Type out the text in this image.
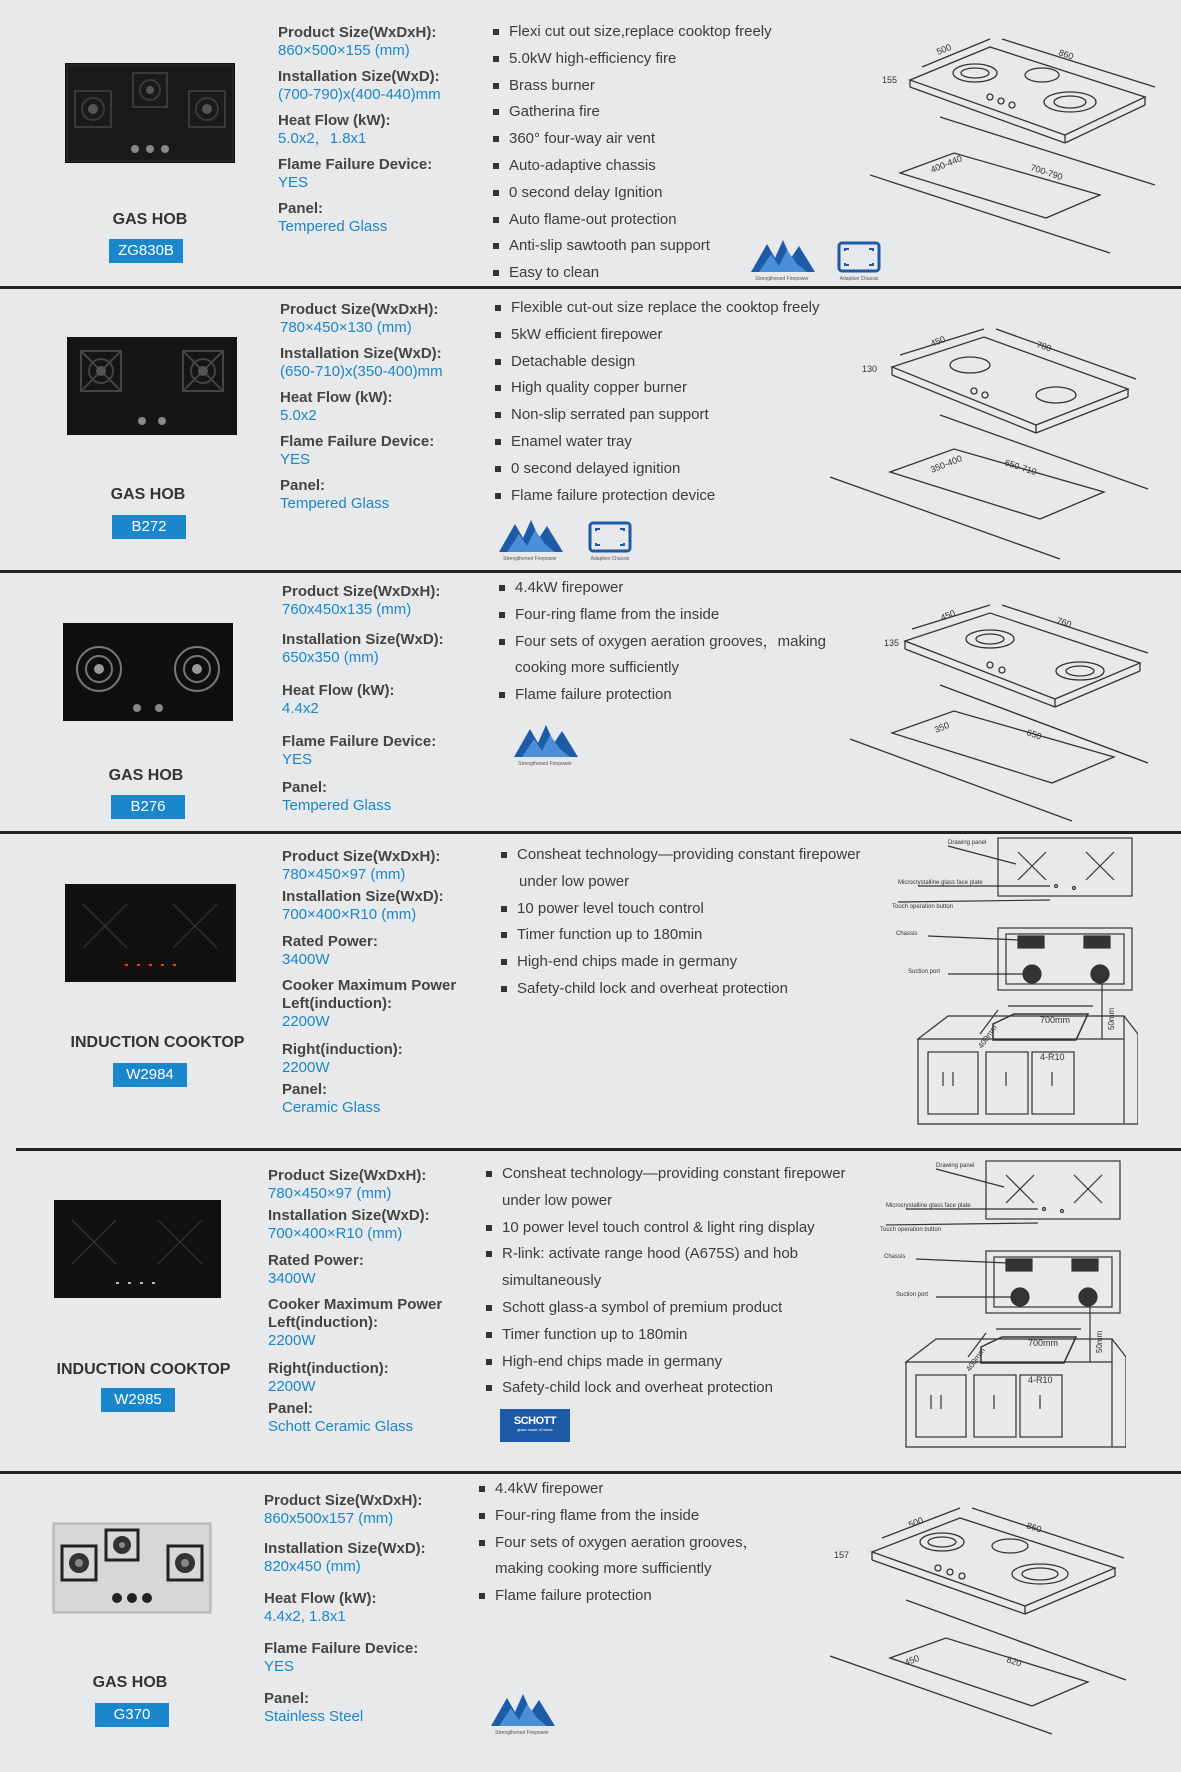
GAS HOB
ZG830B
Product Size(WxDxH):
860×500×155 (mm)
Installation Size(WxD):
(700-790)x(400-440)mm
Heat Flow (kW):
5.0x2，1.8x1
Flame Failure Device:
YES
Panel:
Tempered Glass
Flexi cut out size,replace cooktop freely
5.0kW high-efficiency fire
Brass burner
Gatherina fire
360° four-way air vent
Auto-adaptive chassis
0 second delay Ignition
Auto flame-out protection
Anti-slip sawtooth pan support
Easy to clean	Strengthened Firepower	Adaptive Chassis
500	860
155
400-440	700-790
GAS HOB
B272
Product Size(WxDxH):
780×450×130 (mm)
Installation Size(WxD):
(650-710)x(350-400)mm
Heat Flow (kW):
5.0x2
Flame Failure Device:
YES
Panel:
Tempered Glass
Flexible cut-out size replace the cooktop freely
5kW efficient firepower
Detachable design
High quality copper burner
Non-slip serrated pan support
Enamel water tray
0 second delayed ignition
Flame failure protection device
Strengthened Firepower	Adaptive Chassis
450	780
130
350-400	650-710
GAS HOB
B276
Product Size(WxDxH):
760x450x135 (mm)
Installation Size(WxD):
650x350 (mm)
Heat Flow (kW):
4.4x2
Flame Failure Device:
YES
Panel:
Tempered Glass
4.4kW firepower
Four-ring flame from the inside
Four sets of oxygen aeration grooves，making
cooking more sufficiently
Flame failure protection
Strengthened Firepower
450	760
135
350	650
INDUCTION COOKTOP
W2984
Product Size(WxDxH):
780×450×97 (mm)
Installation Size(WxD):
700×400×R10 (mm)
Rated Power:
3400W
Cooker Maximum Power Left(induction):
2200W
Right(induction):
2200W
Panel:
Ceramic Glass
Consheat technology—providing constant firepower
under low power
10 power level touch control
Timer function up to 180min
High-end chips made in germany
Safety-child lock and overheat protection
Drawing panel
Microcrystalline glass face plate
Touch operation button
Chassis
Suction port
700mm
4-R10
400mm
50mm
INDUCTION COOKTOP
W2985
Product Size(WxDxH):
780×450×97 (mm)
Installation Size(WxD):
700×400×R10 (mm)
Rated Power:
3400W
Cooker Maximum Power Left(induction):
2200W
Right(induction):
2200W
Panel:
Schott Ceramic Glass
Consheat technology—providing constant firepower
under low power
10 power level touch control & light ring display
R-link: activate range hood (A675S) and hob
simultaneously
Schott glass-a symbol of premium product
Timer function up to 180min
High-end chips made in germany
Safety-child lock and overheat protection
SCHOTT
glass made of ideas
Drawing panel
Microcrystalline glass face plate
Touch operation button
Chassis
Suction port
700mm
4-R10
400mm
50mm
GAS HOB
G370
Product Size(WxDxH):
860x500x157 (mm)
Installation Size(WxD):
820x450 (mm)
Heat Flow (kW):
4.4x2, 1.8x1
Flame Failure Device:
YES
Panel:
Stainless Steel
4.4kW firepower
Four-ring flame from the inside
Four sets of oxygen aeration grooves，
making cooking more sufficiently
Flame failure protection
Strengthened Firepower
500	860
157
450	820
